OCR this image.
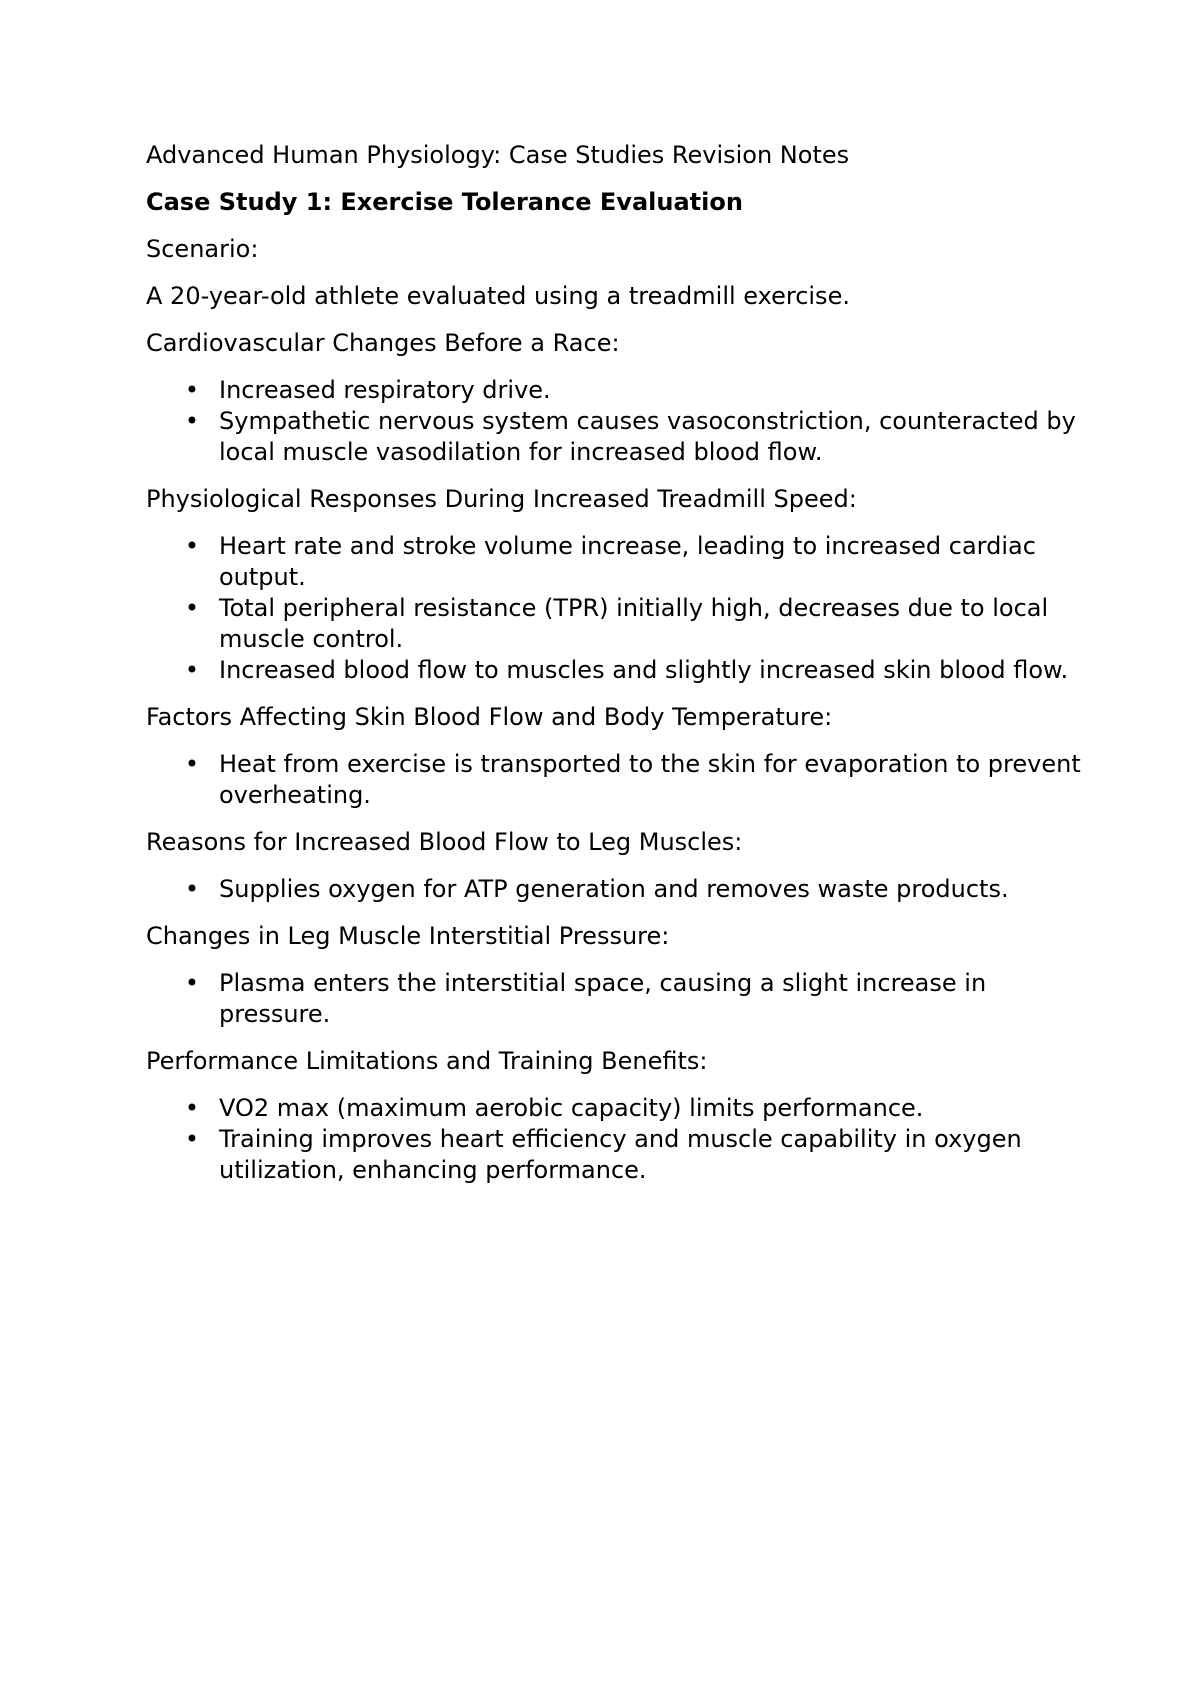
Advanced Human Physiology: Case Studies Revision Notes

Case Study 1: Exercise Tolerance Evaluation

Scenario:

A 20-year-old athlete evaluated using a treadmill exercise.

Cardiovascular Changes Before a Race:

• Increased respiratory drive.
• Sympathetic nervous system causes vasoconstriction, counteracted by local muscle vasodilation for increased blood flow.

Physiological Responses During Increased Treadmill Speed:

• Heart rate and stroke volume increase, leading to increased cardiac output.
• Total peripheral resistance (TPR) initially high, decreases due to local muscle control.
• Increased blood flow to muscles and slightly increased skin blood flow.

Factors Affecting Skin Blood Flow and Body Temperature:

• Heat from exercise is transported to the skin for evaporation to prevent overheating.

Reasons for Increased Blood Flow to Leg Muscles:

• Supplies oxygen for ATP generation and removes waste products.

Changes in Leg Muscle Interstitial Pressure:

• Plasma enters the interstitial space, causing a slight increase in pressure.

Performance Limitations and Training Benefits:

• VO2 max (maximum aerobic capacity) limits performance.
• Training improves heart efficiency and muscle capability in oxygen utilization, enhancing performance.
